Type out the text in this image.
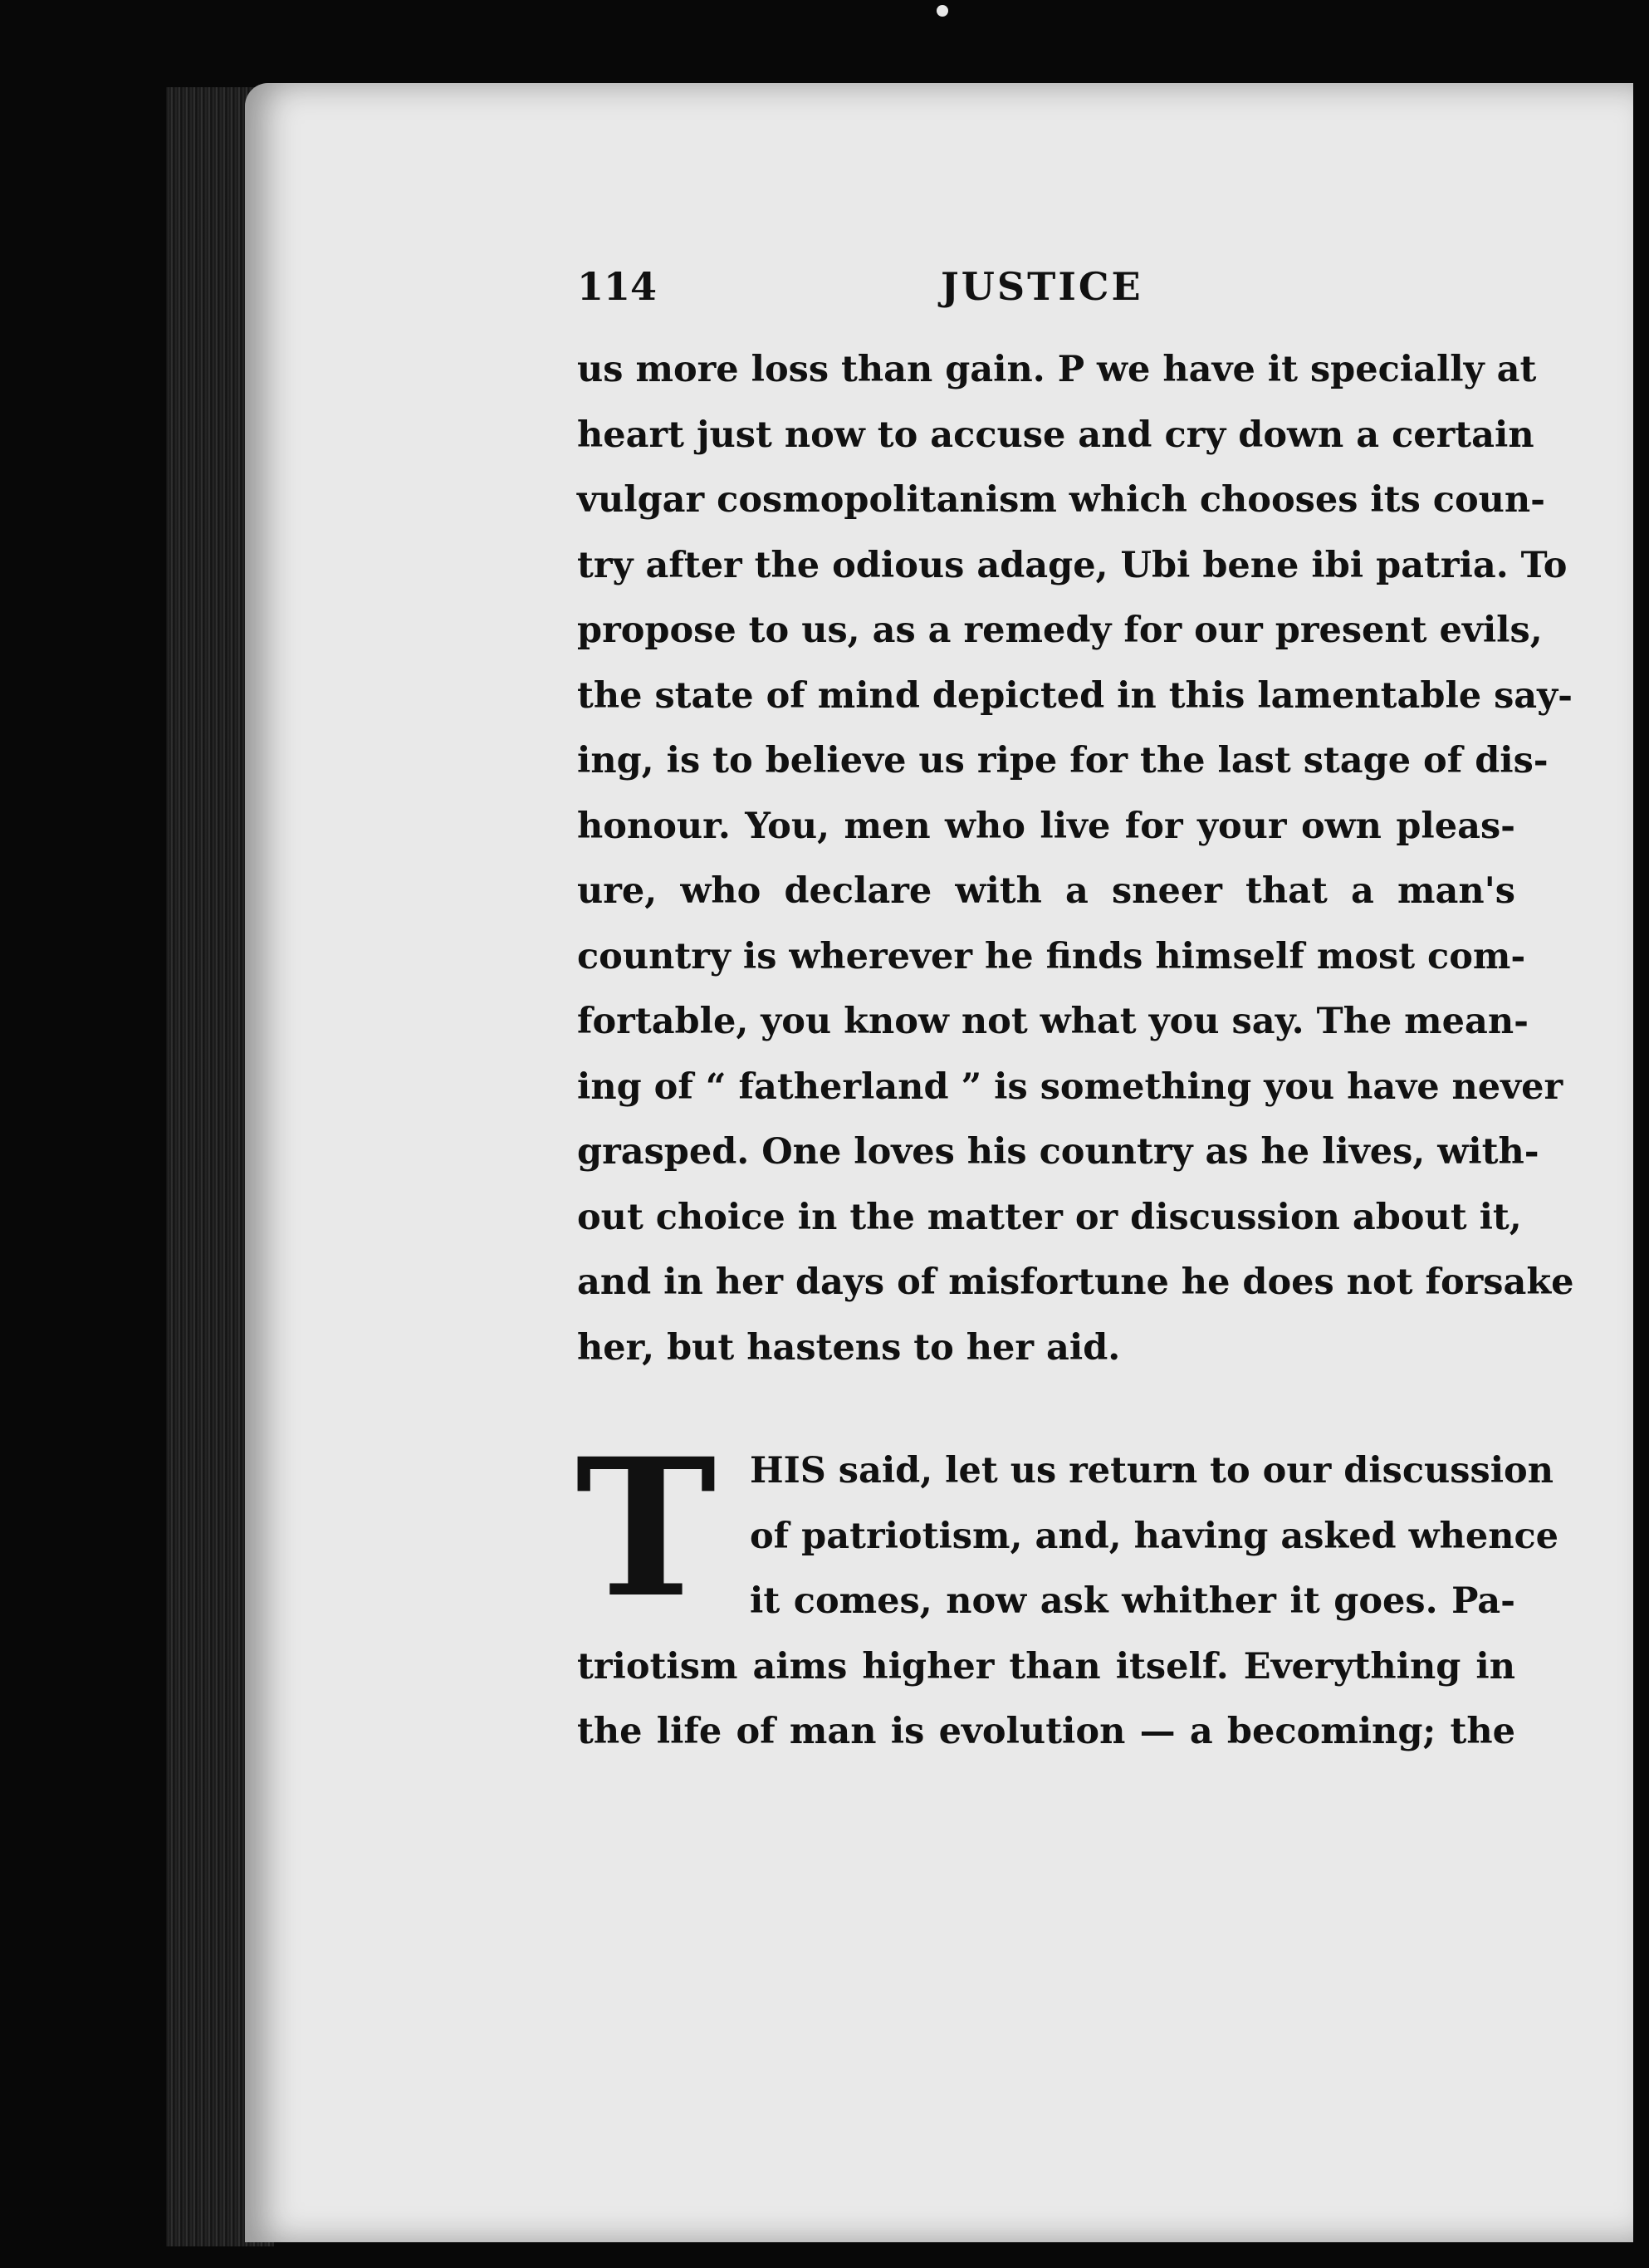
114	JUSTICE
us more loss than gain. P we have it specially at
heart just now to accuse and cry down a certain
vulgar cosmopolitanism which chooses its coun-
try after the odious adage, Ubi bene ibi patria. To
propose to us, as a remedy for our present evils,
the state of mind depicted in this lamentable say-
ing, is to believe us ripe for the last stage of dis-
honour. You, men who live for your own pleas-
ure, who declare with a sneer that a man's
country is wherever he finds himself most com-
fortable, you know not what you say. The mean-
ing of “ fatherland ” is something you have never
grasped. One loves his country as he lives, with-
out choice in the matter or discussion about it,
and in her days of misfortune he does not forsake
her, but hastens to her aid.
T HIS said, let us return to our discussion
of patriotism, and, having asked whence
it comes, now ask whither it goes. Pa-
triotism aims higher than itself. Everything in
the life of man is evolution — a becoming; the
